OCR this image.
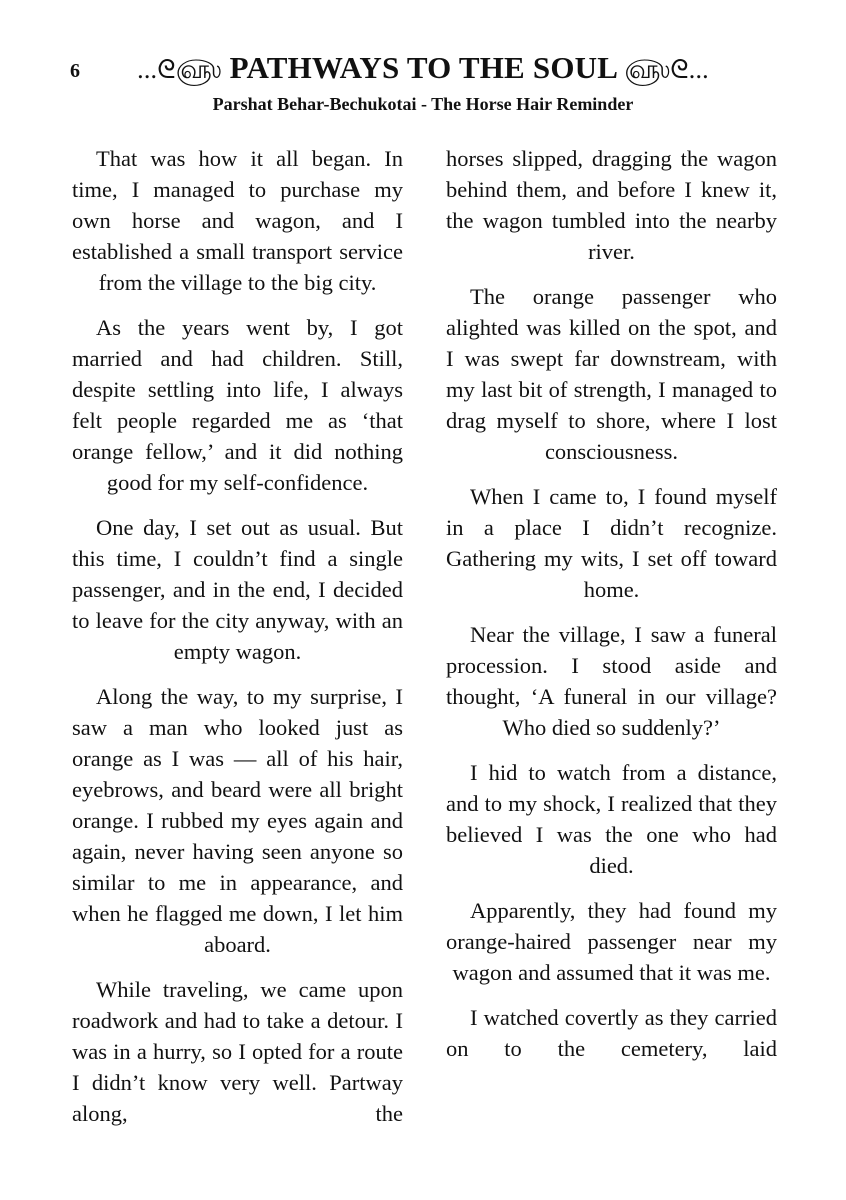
6	...ᘓ௵ PATHWAYS TO THE SOUL ௵ᘓ...
Parshat Behar-Bechukotai - The Horse Hair Reminder

That was how it all began. In time, I managed to purchase my own horse and wagon, and I established a small transport service from the village to the big city.

As the years went by, I got married and had children. Still, despite settling into life, I always felt people regarded me as ‘that orange fellow,’ and it did nothing good for my self-confidence.

One day, I set out as usual. But this time, I couldn’t find a single passenger, and in the end, I decided to leave for the city anyway, with an empty wagon.

Along the way, to my surprise, I saw a man who looked just as orange as I was — all of his hair, eyebrows, and beard were all bright orange. I rubbed my eyes again and again, never having seen anyone so similar to me in appearance, and when he flagged me down, I let him aboard.

While traveling, we came upon roadwork and had to take a detour. I was in a hurry, so I opted for a route I didn’t know very well. Partway along, the

horses slipped, dragging the wagon behind them, and before I knew it, the wagon tumbled into the nearby river.

The orange passenger who alighted was killed on the spot, and I was swept far downstream, with my last bit of strength, I managed to drag myself to shore, where I lost consciousness.

When I came to, I found myself in a place I didn’t recognize. Gathering my wits, I set off toward home.

Near the village, I saw a funeral procession. I stood aside and thought, ‘A funeral in our village? Who died so suddenly?’

I hid to watch from a distance, and to my shock, I realized that they believed I was the one who had died.

Apparently, they had found my orange-haired passenger near my wagon and assumed that it was me.

I watched covertly as they carried on to the cemetery, laid
